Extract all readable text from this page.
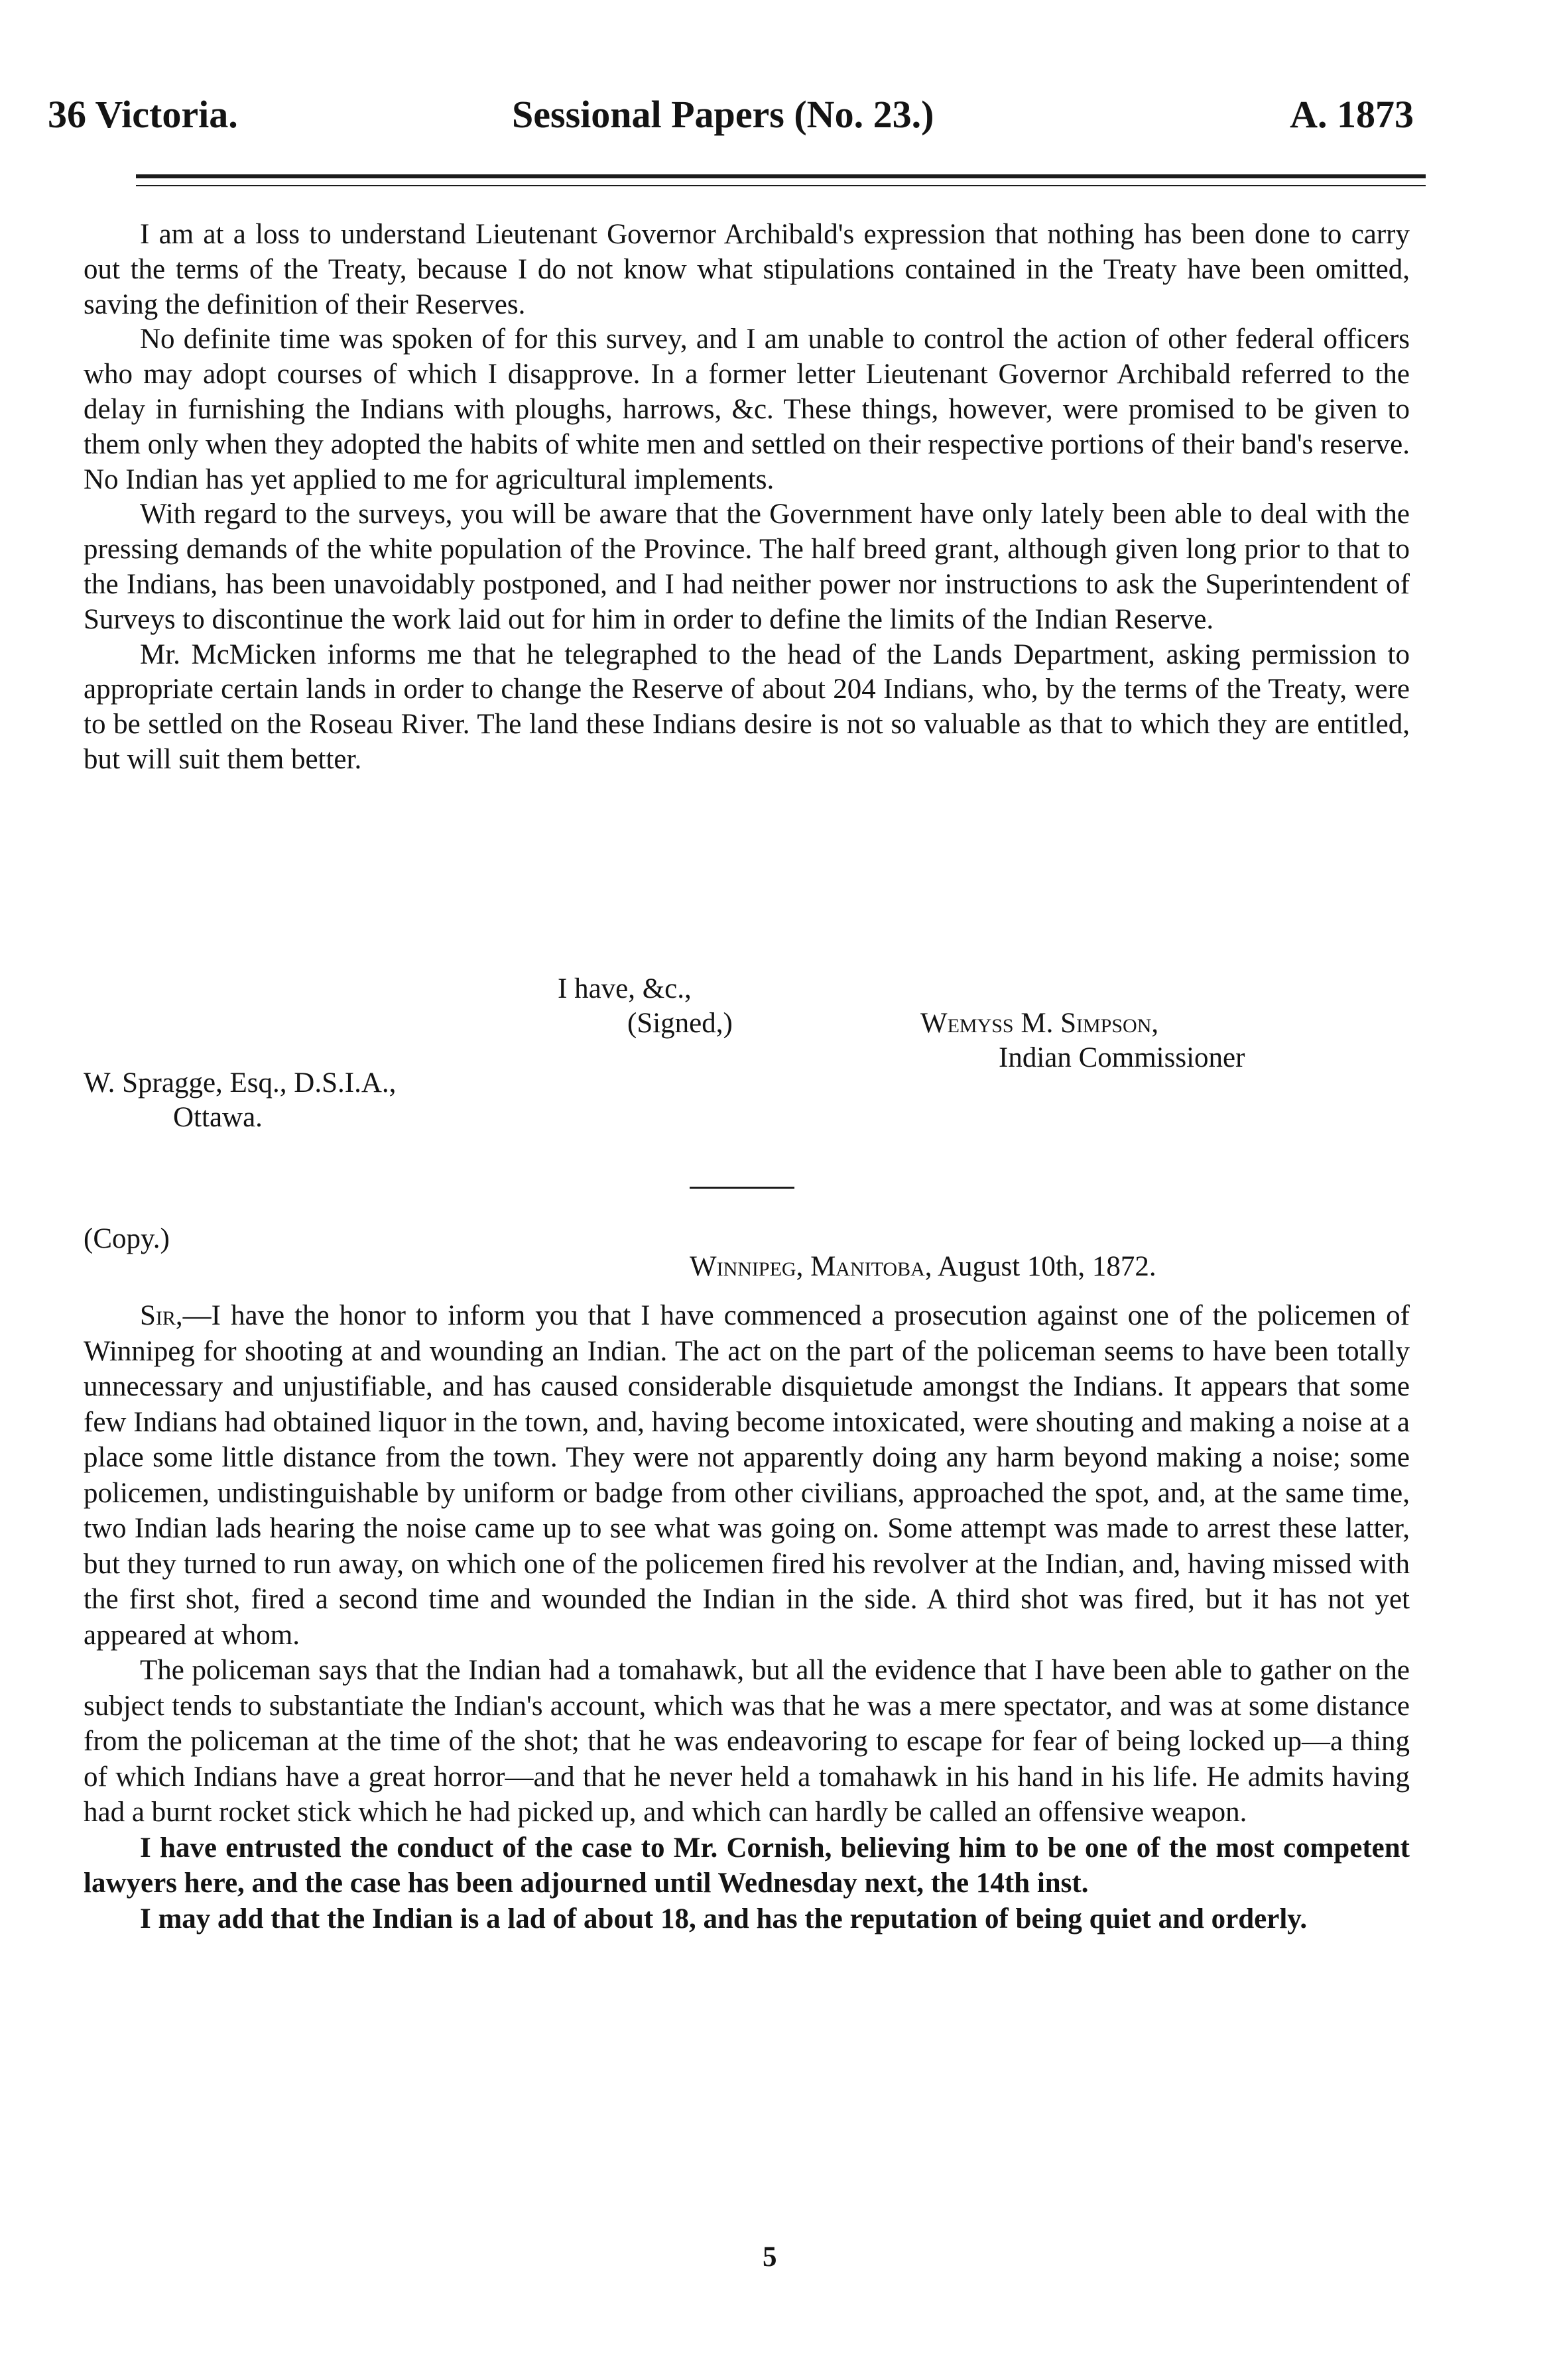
36 Victoria.	Sessional Papers (No. 23.)	A. 1873

I am at a loss to understand Lieutenant Governor Archibald's expression that nothing has been done to carry out the terms of the Treaty, because I do not know what stipulations contained in the Treaty have been omitted, saving the definition of their Reserves.

No definite time was spoken of for this survey, and I am unable to control the action of other federal officers who may adopt courses of which I disapprove. In a former letter Lieutenant Governor Archibald referred to the delay in furnishing the Indians with ploughs, harrows, &c. These things, however, were promised to be given to them only when they adopted the habits of white men and settled on their respective portions of their band's reserve. No Indian has yet applied to me for agricultural implements.

With regard to the surveys, you will be aware that the Government have only lately been able to deal with the pressing demands of the white population of the Province. The half breed grant, although given long prior to that to the Indians, has been unavoidably postponed, and I had neither power nor instructions to ask the Superintendent of Surveys to discontinue the work laid out for him in order to define the limits of the Indian Reserve.

Mr. McMicken informs me that he telegraphed to the head of the Lands Department, asking permission to appropriate certain lands in order to change the Reserve of about 204 Indians, who, by the terms of the Treaty, were to be settled on the Roseau River. The land these Indians desire is not so valuable as that to which they are entitled, but will suit them better.

I have, &c.,
(Signed,)	Wemyss M. Simpson,
Indian Commissioner
W. Spragge, Esq., D.S.I.A.,
Ottawa.
(Copy.)
Winnipeg, Manitoba, August 10th, 1872.

Sir,—I have the honor to inform you that I have commenced a prosecution against one of the policemen of Winnipeg for shooting at and wounding an Indian. The act on the part of the policeman seems to have been totally unnecessary and unjustifiable, and has caused considerable disquietude amongst the Indians. It appears that some few Indians had obtained liquor in the town, and, having become intoxicated, were shouting and making a noise at a place some little distance from the town. They were not apparently doing any harm beyond making a noise; some policemen, undistinguishable by uniform or badge from other civilians, approached the spot, and, at the same time, two Indian lads hearing the noise came up to see what was going on. Some attempt was made to arrest these latter, but they turned to run away, on which one of the policemen fired his revolver at the Indian, and, having missed with the first shot, fired a second time and wounded the Indian in the side. A third shot was fired, but it has not yet appeared at whom.

The policeman says that the Indian had a tomahawk, but all the evidence that I have been able to gather on the subject tends to substantiate the Indian's account, which was that he was a mere spectator, and was at some distance from the policeman at the time of the shot; that he was endeavoring to escape for fear of being locked up—a thing of which Indians have a great horror—and that he never held a tomahawk in his hand in his life. He admits having had a burnt rocket stick which he had picked up, and which can hardly be called an offensive weapon.

I have entrusted the conduct of the case to Mr. Cornish, believing him to be one of the most competent lawyers here, and the case has been adjourned until Wednesday next, the 14th inst.

I may add that the Indian is a lad of about 18, and has the reputation of being quiet and orderly.

5
